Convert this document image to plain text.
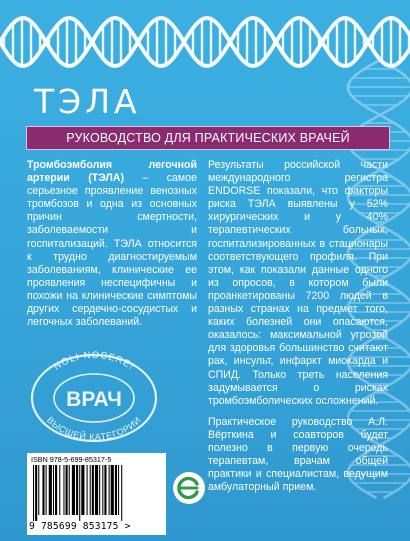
ТЭЛА
РУКОВОДСТВО ДЛЯ ПРАКТИЧЕСКИХ ВРАЧЕЙ

Тромбоэмболия легочной артерии (ТЭЛА) – самое серьезное проявление венозных тромбозов и одна из основных причин смертности, заболеваемости и госпитализаций. ТЭЛА относится к трудно диагностируемым заболеваниям, клинические ее проявления неспецифичны и похожи на клинические симптомы других сердечно-сосудистых и легочных заболеваний.

Результаты российской части международного регистра ENDORSE показали, что факторы риска ТЭЛА выявлены у 52% хирургических и у 40% терапевтических больных, госпитализированных в стационары соответствующего профиля. При этом, как показали данные одного из опросов, в котором были проанкетированы 7200 людей в разных странах на предмет того, каких болезней они опасаются, оказалось: максимальной угрозой для здоровья большинство считают рак, инсульт, инфаркт миокарда и СПИД. Только треть населения задумывается о рисках тромбоэмболических осложнений.

Практическое руководство А.Л. Вёрткина и соавторов будет полезно в первую очередь терапевтам, врачам общей практики и специалистам, ведущим амбулаторный прием.

NOLI NOCERE!
ВЫСШЕЙ КАТЕГОРИИ
ВРАЧ
ISBN 978-5-699-85317-5
9 785699 853175 >
